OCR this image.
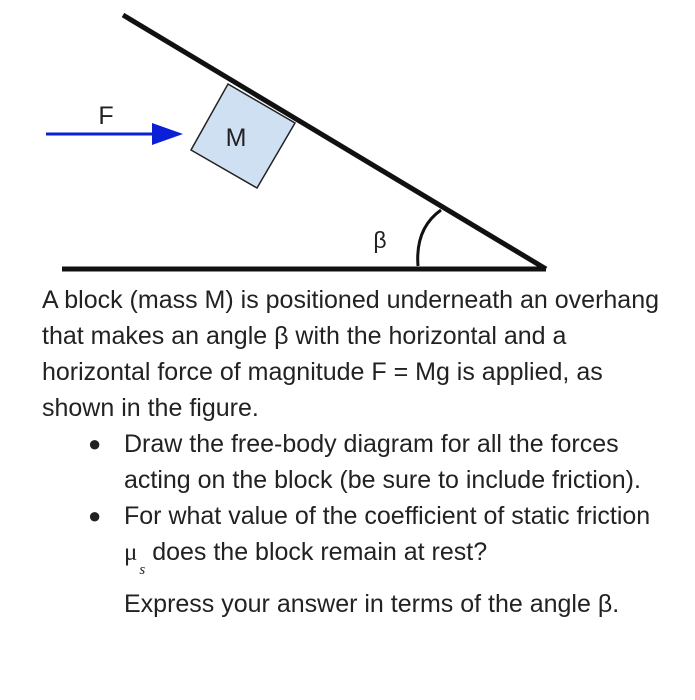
M
F
β

A block (mass M) is positioned underneath an overhang that makes an angle β with the horizontal and a horizontal force of magnitude F = Mg is applied, as shown in the figure.

● Draw the free-body diagram for all the forces acting on the block (be sure to include friction).
● For what value of the coefficient of static friction $\mu_s$ does the block remain at rest?
Express your answer in terms of the angle β.
